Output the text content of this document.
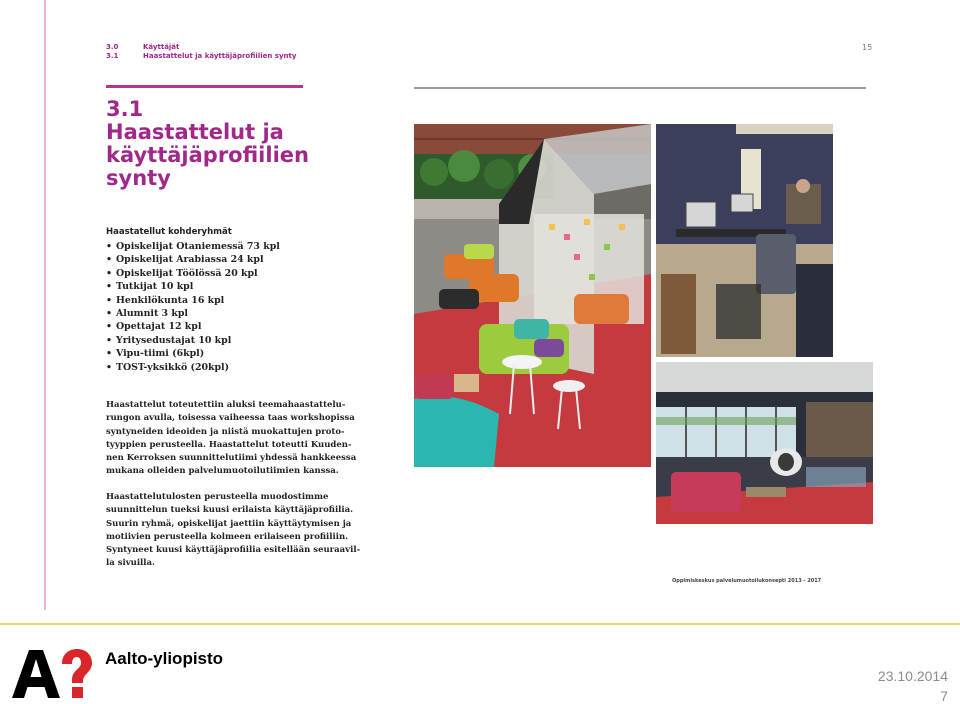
3.0	Käyttäjät
3.1	Haastattelut ja käyttäjäprofiilien synty
15
3.1
Haastattelut ja
käyttäjäprofiilien
synty
Haastatellut kohderyhmät
• Opiskelijat Otaniemessä 73 kpl
• Opiskelijat Arabiassa 24 kpl
• Opiskelijat Töölössä 20 kpl
• Tutkijat 10 kpl
• Henkilökunta 16 kpl
• Alumnit 3 kpl
• Opettajat 12 kpl
• Yritysedustajat 10 kpl
• Vipu-tiimi (6kpl)
• TOST-yksikkö (20kpl)

Haastattelut toteutettiin aluksi teemahaastattelu-
rungon avulla, toisessa vaiheessa taas workshopissa
syntyneiden ideoiden ja niistä muokattujen proto-
tyyppien perusteella. Haastattelut toteutti Kuuden-
nen Kerroksen suunnittelutiimi yhdessä hankkeessa
mukana olleiden palvelumuotoilutiimien kanssa.

Haastattelutulosten perusteella muodostimme
suunnittelun tueksi kuusi erilaista käyttäjäprofiilia.
Suurin ryhmä, opiskelijat jaettiin käyttäytymisen ja
motiivien perusteella kolmeen erilaiseen profiiliin.
Syntyneet kuusi käyttäjäprofiilia esitellään seuraavil-
la sivuilla.

Oppimiskeskus palvelumuotoilukonsepti 2013 - 2017
Aalto-yliopisto
23.10.2014
7
